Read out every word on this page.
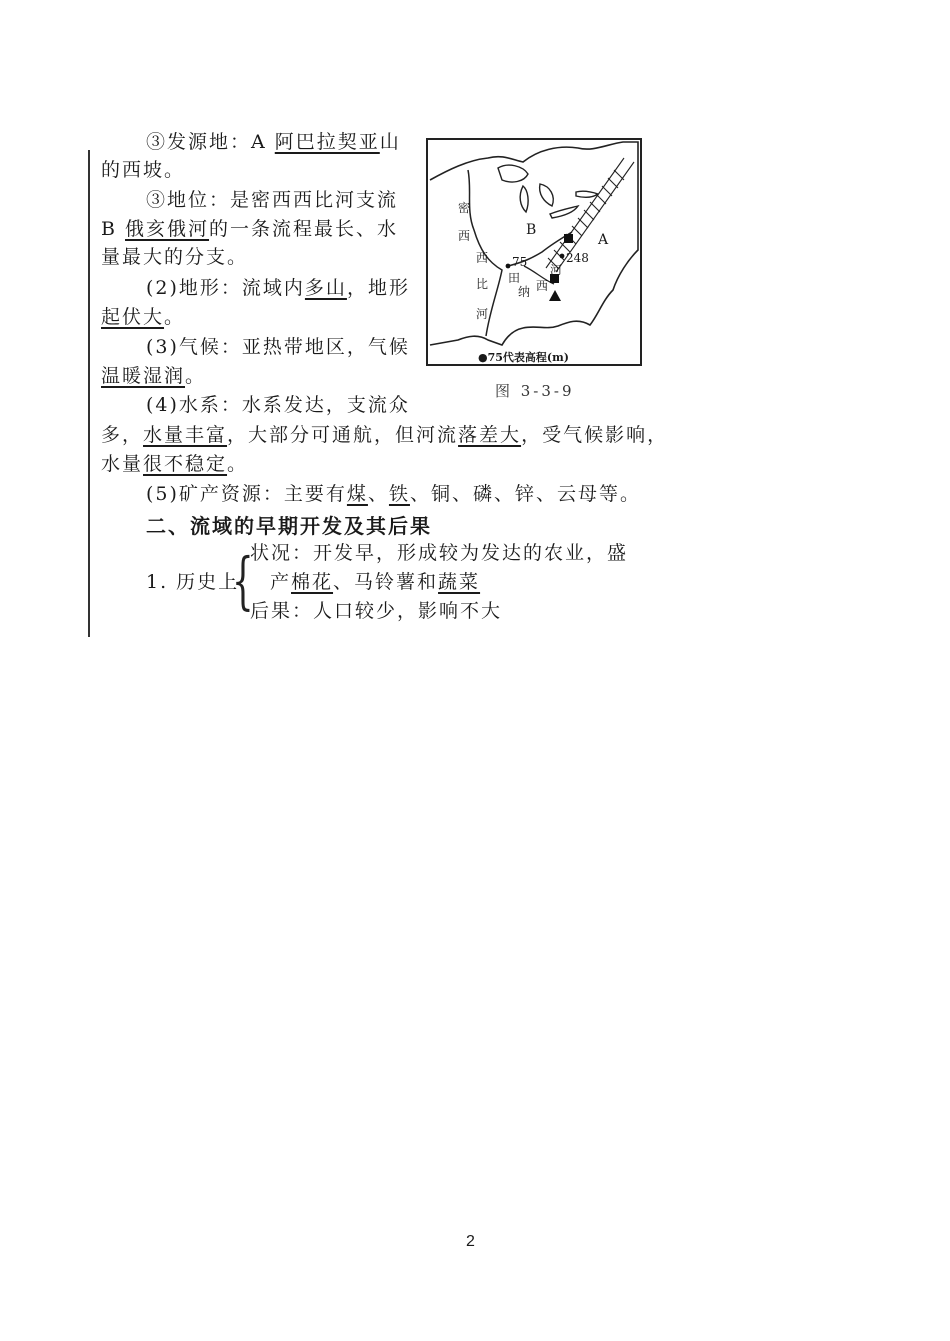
③发源地：A 阿巴拉契亚山
的西坡。
③地位：是密西西比河支流
B 俄亥俄河的一条流程最长、水
量最大的分支。
(2)地形：流域内多山，地形
起伏大。
(3)气候：亚热带地区，气候
温暖湿润。
(4)水系：水系发达，支流众
多，水量丰富，大部分可通航，但河流落差大，受气候影响，
水量很不稳定。
(5)矿产资源：主要有煤、铁、铜、磷、锌、云母等。
二、流域的早期开发及其后果
1. 历史上
{
状况：开发早，形成较为发达的农业，盛
产棉花、马铃薯和蔬菜
后果：人口较少，影响不大
密
西
西
比
河
B
A
75	248
田
纳 西
河
●75代表高程(m)
图 3-3-9
2
